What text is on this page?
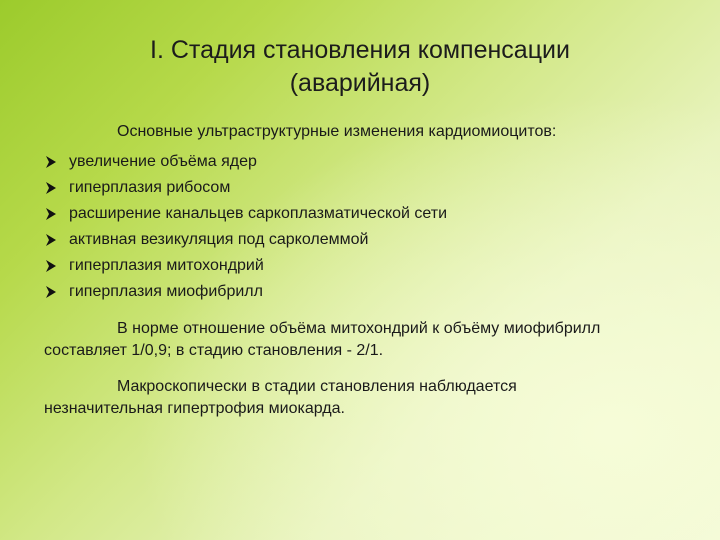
I. Стадия становления компенсации
(аварийная)
Основные ультраструктурные изменения кардиомиоцитов:
увеличение объёма ядер
гиперплазия рибосом
расширение канальцев саркоплазматической сети
активная везикуляция под сарколеммой
гиперплазия митохондрий
гиперплазия миофибрилл
В норме отношение объёма митохондрий к объёму миофибрилл
составляет 1/0,9; в стадию становления - 2/1.
Макроскопически в стадии становления наблюдается
незначительная гипертрофия миокарда.
